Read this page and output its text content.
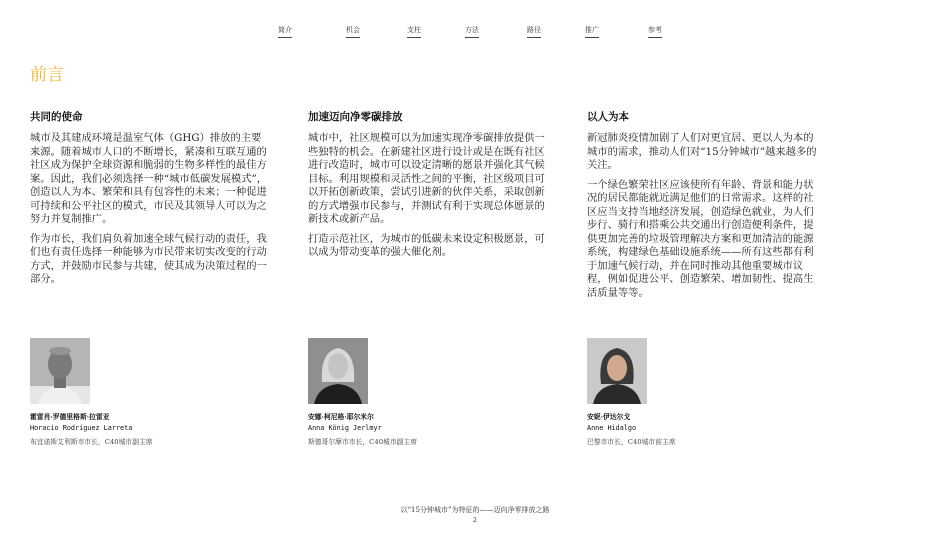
简介	机会	支柱	方法	路径	推广	参考
前言
共同的使命

城市及其建成环境是温室气体（GHG）排放的主要来源。随着城市人口的不断增长，紧凑和互联互通的社区成为保护全球资源和脆弱的生物多样性的最佳方案。因此，我们必须选择一种“城市低碳发展模式”，创造以人为本、繁荣和具有包容性的未来；一种促进可持续和公平社区的模式，市民及其领导人可以为之努力并复制推广。

作为市长，我们肩负着加速全球气候行动的责任，我们也有责任选择一种能够为市民带来切实改变的行动方式，并鼓励市民参与共建，使其成为决策过程的一部分。

加速迈向净零碳排放

城市中，社区规模可以为加速实现净零碳排放提供一些独特的机会。在新建社区进行设计或是在既有社区进行改造时，城市可以设定清晰的愿景并强化其气候目标。利用规模和灵活性之间的平衡，社区级项目可以开拓创新政策，尝试引进新的伙伴关系，采取创新的方式增强市民参与，并测试有利于实现总体愿景的新技术或新产品。

打造示范社区，为城市的低碳未来设定积极愿景，可以成为带动变革的强大催化剂。

以人为本

新冠肺炎疫情加剧了人们对更宜居、更以人为本的城市的需求，推动人们对“15分钟城市”越来越多的关注。

一个绿色繁荣社区应该使所有年龄、背景和能力状况的居民都能就近满足他们的日常需求。这样的社区应当支持当地经济发展，创造绿色就业，为人们步行、骑行和搭乘公共交通出行创造便利条件，提供更加完善的垃圾管理解决方案和更加清洁的能源系统，构建绿色基础设施系统——所有这些都有利于加速气候行动，并在同时推动其他重要城市议程，例如促进公平、创造繁荣、增加韧性、提高生活质量等等。

霍雷肖·罗德里格斯·拉雷亚
Horacio Rodríguez Larreta
布宜诺斯艾利斯市市长，C40城市副主席
安娜·柯尼格·耶尔米尔
Anna König Jerlmyr
斯德哥尔摩市市长，C40城市副主席
安妮·伊达尔戈
Anne Hidalgo
巴黎市市长，C40城市前主席
以“15分钟城市”为特征的——迈向净零排放之路
2
